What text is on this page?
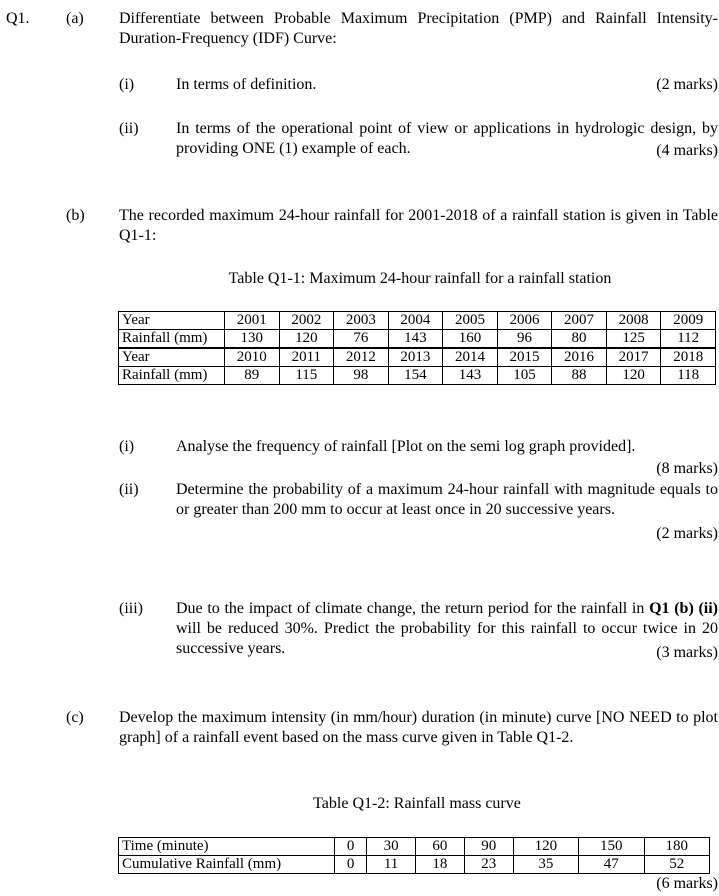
Q1. (a) Differentiate between Probable Maximum Precipitation (PMP) and Rainfall Intensity-Duration-Frequency (IDF) Curve:
(i)	In terms of definition.	(2 marks)
(ii) In terms of the operational point of view or applications in hydrologic design, by providing ONE (1) example of each.	(4 marks)
(b) The recorded maximum 24-hour rainfall for 2001-2018 of a rainfall station is given in Table Q1-1:
Table Q1-1: Maximum 24-hour rainfall for a rainfall station
Year	2001	2002	2003	2004	2005	2006	2007	2008	2009
Rainfall (mm)	130	120	76	143	160	96	80	125	112
Year	2010	2011	2012	2013	2014	2015	2016	2017	2018
Rainfall (mm)	89	115	98	154	143	105	88	120	118
(i)	Analyse the frequency of rainfall [Plot on the semi log graph provided].
(8 marks)
(ii) Determine the probability of a maximum 24-hour rainfall with magnitude equals to or greater than 200 mm to occur at least once in 20 successive years.
(2 marks)
(iii) Due to the impact of climate change, the return period for the rainfall in Q1 (b) (ii) will be reduced 30%. Predict the probability for this rainfall to occur twice in 20 successive years.	(3 marks)
(c) Develop the maximum intensity (in mm/hour) duration (in minute) curve [NO NEED to plot graph] of a rainfall event based on the mass curve given in Table Q1-2.
Table Q1-2: Rainfall mass curve
Time (minute)	0	30	60	90	120	150	180
Cumulative Rainfall (mm)	0	11	18	23	35	47	52
(6 marks)
